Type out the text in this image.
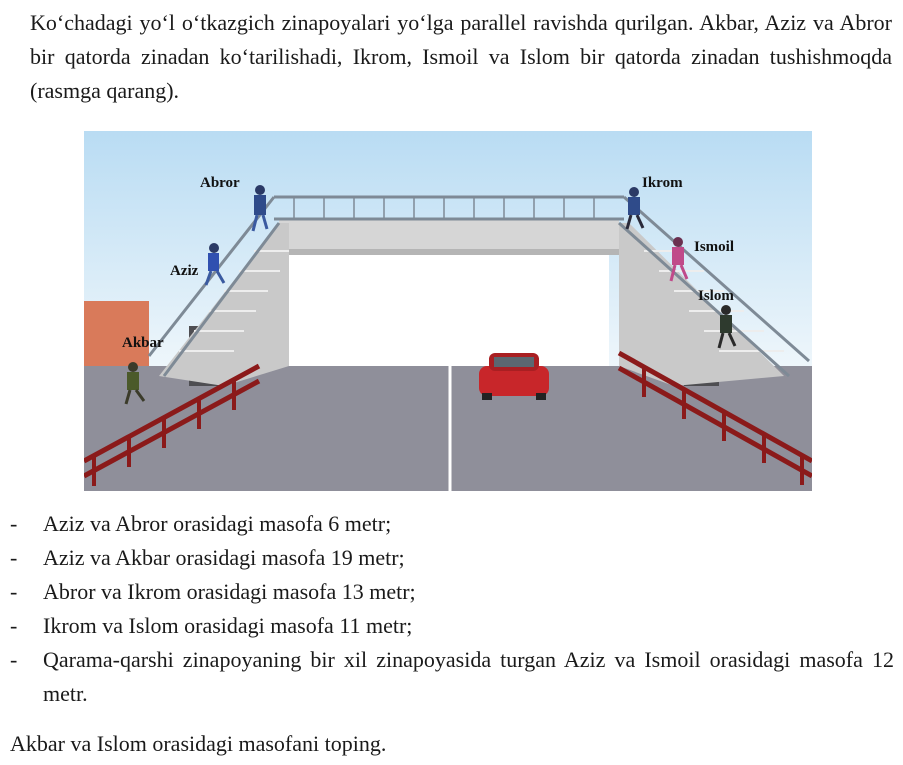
Ko‘chadagi yo‘l o‘tkazgich zinapoyalari yo‘lga parallel ravishda qurilgan. Akbar, Aziz va Abror bir qatorda zinadan ko‘tarilishadi, Ikrom, Ismoil va Islom bir qatorda zinadan tushishmoqda (rasmga qarang).

Abror
Aziz
Akbar
Ikrom
Ismoil
Islom
- Aziz va Abror orasidagi masofa 6 metr;
- Aziz va Akbar orasidagi masofa 19 metr;
- Abror va Ikrom orasidagi masofa 13 metr;
- Ikrom va Islom orasidagi masofa 11 metr;
- Qarama-qarshi zinapoyaning bir xil zinapoyasida turgan Aziz va Ismoil orasidagi masofa 12 metr.

Akbar va Islom orasidagi masofani toping.
